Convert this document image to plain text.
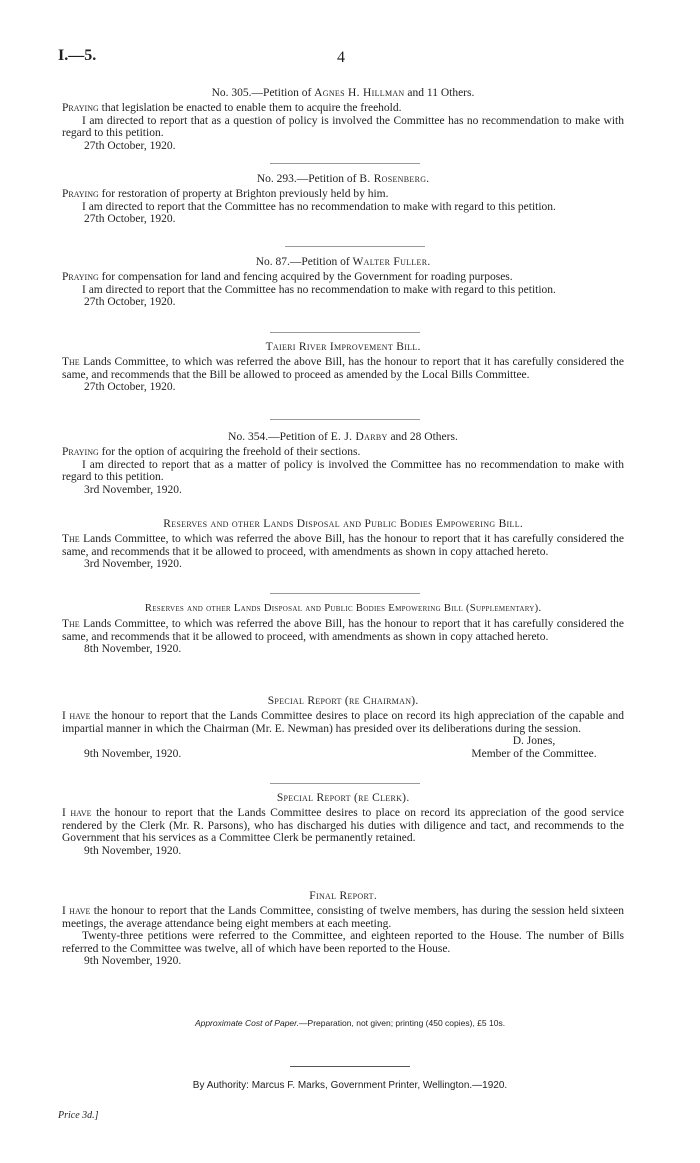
I.—5.	4
No. 305.—Petition of Agnes H. Hillman and 11 Others.

Praying that legislation be enacted to enable them to acquire the freehold.

I am directed to report that as a question of policy is involved the Committee has no recommendation to make with regard to this petition.

27th October, 1920.

No. 293.—Petition of B. Rosenberg.

Praying for restoration of property at Brighton previously held by him.

I am directed to report that the Committee has no recommendation to make with regard to this petition.

27th October, 1920.

No. 87.—Petition of Walter Fuller.

Praying for compensation for land and fencing acquired by the Government for roading purposes.

I am directed to report that the Committee has no recommendation to make with regard to this petition.

27th October, 1920.

Taieri River Improvement Bill.

The Lands Committee, to which was referred the above Bill, has the honour to report that it has carefully considered the same, and recommends that the Bill be allowed to proceed as amended by the Local Bills Committee.

27th October, 1920.

No. 354.—Petition of E. J. Darby and 28 Others.

Praying for the option of acquiring the freehold of their sections.

I am directed to report that as a matter of policy is involved the Committee has no recommendation to make with regard to this petition.

3rd November, 1920.

Reserves and other Lands Disposal and Public Bodies Empowering Bill.

The Lands Committee, to which was referred the above Bill, has the honour to report that it has carefully considered the same, and recommends that it be allowed to proceed, with amendments as shown in copy attached hereto.

3rd November, 1920.

Reserves and other Lands Disposal and Public Bodies Empowering Bill (Supplementary).

The Lands Committee, to which was referred the above Bill, has the honour to report that it has carefully considered the same, and recommends that it be allowed to proceed, with amendments as shown in copy attached hereto.

8th November, 1920.

Special Report (re Chairman).

I have the honour to report that the Lands Committee desires to place on record its high appreciation of the capable and impartial manner in which the Chairman (Mr. E. Newman) has presided over its deliberations during the session.

D. Jones,
9th November, 1920.	Member of the Committee.
Special Report (re Clerk).

I have the honour to report that the Lands Committee desires to place on record its appreciation of the good service rendered by the Clerk (Mr. R. Parsons), who has discharged his duties with diligence and tact, and recommends to the Government that his services as a Committee Clerk be permanently retained.

9th November, 1920.

Final Report.

I have the honour to report that the Lands Committee, consisting of twelve members, has during the session held sixteen meetings, the average attendance being eight members at each meeting.

Twenty-three petitions were referred to the Committee, and eighteen reported to the House. The number of Bills referred to the Committee was twelve, all of which have been reported to the House.

9th November, 1920.

Approximate Cost of Paper.—Preparation, not given; printing (450 copies), £5 10s.
By Authority: Marcus F. Marks, Government Printer, Wellington.—1920.
Price 3d.]
